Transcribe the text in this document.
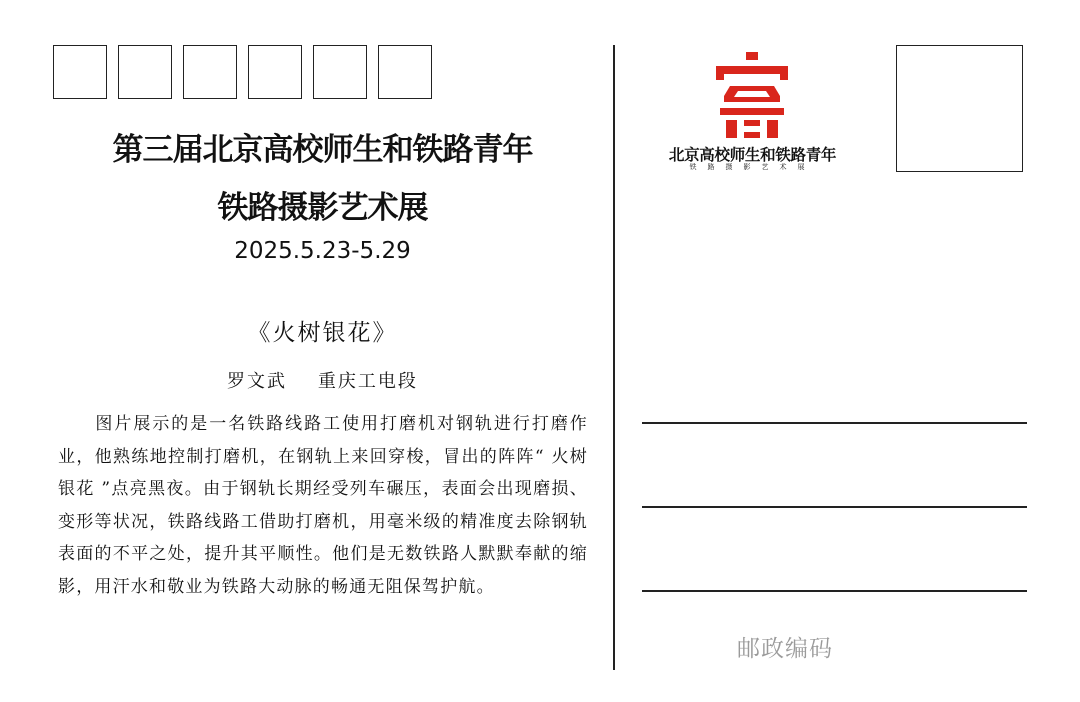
第三届北京高校师生和铁路青年
铁路摄影艺术展
2025.5.23-5.29
《火树银花》
罗文武    重庆工电段

图片展示的是一名铁路线路工使用打磨机对钢轨进行打磨作业，他熟练地控制打磨机，在钢轨上来回穿梭，冒出的阵阵“ 火树银花 ”点亮黑夜。由于钢轨长期经受列车碾压，表面会出现磨损、变形等状况，铁路线路工借助打磨机，用毫米级的精准度去除钢轨表面的不平之处，提升其平顺性。他们是无数铁路人默默奉献的缩影，用汗水和敬业为铁路大动脉的畅通无阻保驾护航。

北京高校师生和铁路青年
铁路摄影艺术展
邮政编码
